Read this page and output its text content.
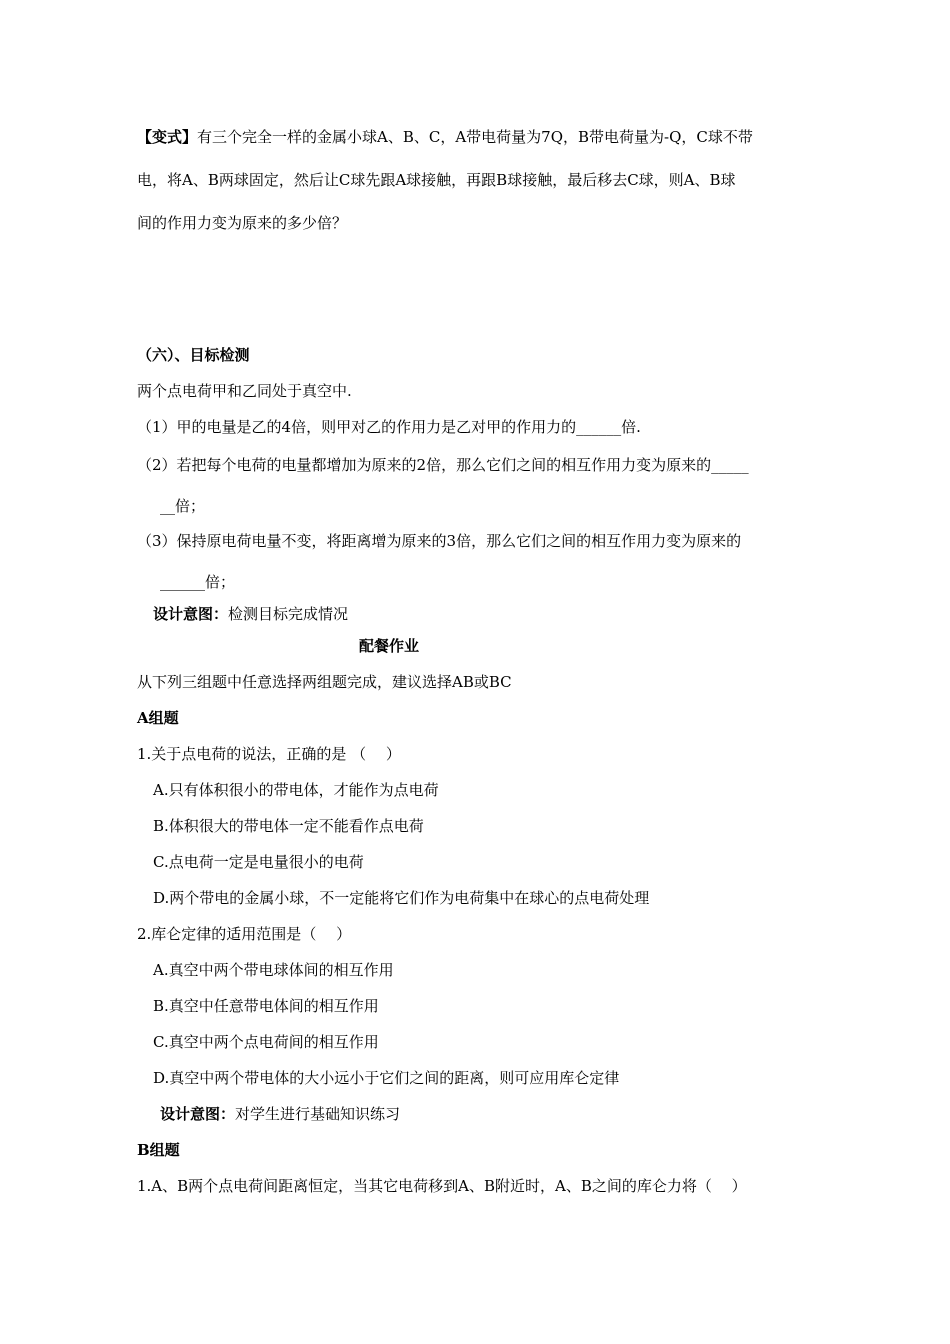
【变式】有三个完全一样的金属小球A、B、C，A带电荷量为7Q，B带电荷量为-Q，C球不带
电，将A、B两球固定，然后让C球先跟A球接触，再跟B球接触，最后移去C球，则A、B球
间的作用力变为原来的多少倍？
（六）、目标检测
两个点电荷甲和乙同处于真空中.
（1）甲的电量是乙的4倍，则甲对乙的作用力是乙对甲的作用力的______倍.
（2）若把每个电荷的电量都增加为原来的2倍，那么它们之间的相互作用力变为原来的_____
__倍；
（3）保持原电荷电量不变，将距离增为原来的3倍，那么它们之间的相互作用力变为原来的
______倍；
设计意图：检测目标完成情况
配餐作业
从下列三组题中任意选择两组题完成，建议选择AB或BC
A组题
1.关于点电荷的说法，正确的是 （　 ）
A.只有体积很小的带电体，才能作为点电荷
B.体积很大的带电体一定不能看作点电荷
C.点电荷一定是电量很小的电荷
D.两个带电的金属小球，不一定能将它们作为电荷集中在球心的点电荷处理
2.库仑定律的适用范围是（　 ）
A.真空中两个带电球体间的相互作用
B.真空中任意带电体间的相互作用
C.真空中两个点电荷间的相互作用
D.真空中两个带电体的大小远小于它们之间的距离，则可应用库仑定律
设计意图：对学生进行基础知识练习
B组题
1.A、B两个点电荷间距离恒定，当其它电荷移到A、B附近时，A、B之间的库仑力将（　 ）
